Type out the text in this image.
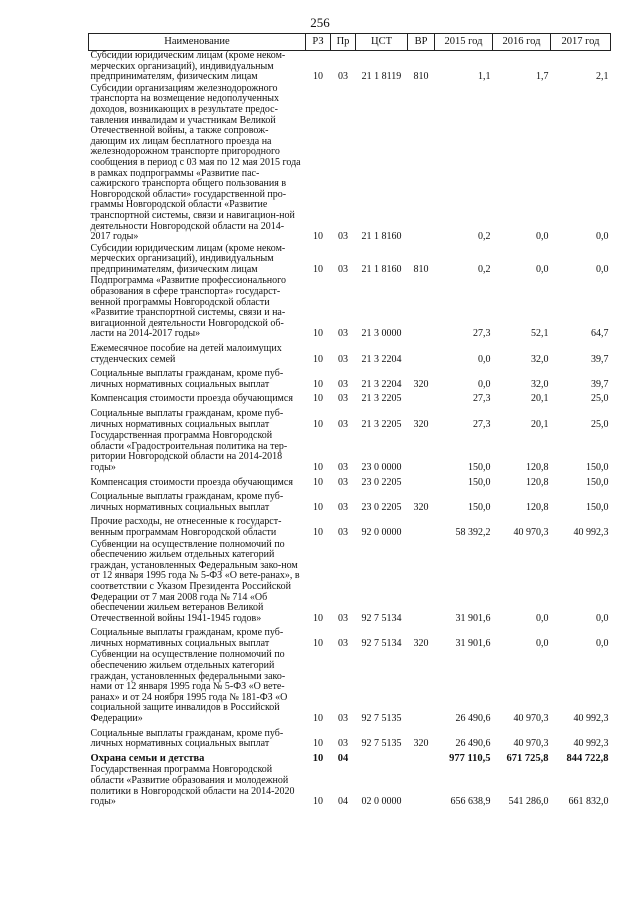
256
Наименование	РЗ	Пр	ЦСТ	ВР	2015 год	2016 год	2017 год
Субсидии юридическим лицам (кроме неком-мерческих организаций), индивидуальным предпринимателям, физическим лицам	10	03	21 1 8119	810	1,1	1,7	2,1
Субсидии организациям железнодорожного транспорта на возмещение недополученных доходов, возникающих в результате предос-тавления инвалидам и участникам Великой Отечественной войны, а также сопровож-дающим их лицам бесплатного проезда на железнодорожном транспорте пригородного сообщения в период с 03 мая по 12 мая 2015 года в рамках подпрограммы «Развитие пас-сажирского транспорта общего пользования в Новгородской области» государственной про-граммы Новгородской области «Развитие транспортной системы, связи и навигацион-ной деятельности Новгородской области на 2014-2017 годы»	10	03	21 1 8160		0,2	0,0	0,0
Субсидии юридическим лицам (кроме неком-мерческих организаций), индивидуальным предпринимателям, физическим лицам	10	03	21 1 8160	810	0,2	0,0	0,0
Подпрограмма «Развитие профессионального образования в сфере транспорта» государст-венной программы Новгородской области «Развитие транспортной системы, связи и на-вигационной деятельности Новгородской об-ласти на 2014-2017 годы»	10	03	21 3 0000		27,3	52,1	64,7
Ежемесячное пособие на детей малоимущих студенческих семей	10	03	21 3 2204		0,0	32,0	39,7
Социальные выплаты гражданам, кроме пуб-личных нормативных социальных выплат	10	03	21 3 2204	320	0,0	32,0	39,7
Компенсация стоимости проезда обучающимся	10	03	21 3 2205		27,3	20,1	25,0
Социальные выплаты гражданам, кроме пуб-личных нормативных социальных выплат	10	03	21 3 2205	320	27,3	20,1	25,0
Государственная программа Новгородской области «Градостроительная политика на тер-ритории Новгородской области на 2014-2018 годы»	10	03	23 0 0000		150,0	120,8	150,0
Компенсация стоимости проезда обучающимся	10	03	23 0 2205		150,0	120,8	150,0
Социальные выплаты гражданам, кроме пуб-личных нормативных социальных выплат	10	03	23 0 2205	320	150,0	120,8	150,0
Прочие расходы, не отнесенные к государст-венным программам Новгородской области	10	03	92 0 0000		58 392,2	40 970,3	40 992,3
Субвенции на осуществление полномочий по обеспечению жильем отдельных категорий граждан, установленных Федеральным зако-ном от 12 января 1995 года № 5-ФЗ «О вете-ранах», в соответствии с Указом Президента Российской Федерации от 7 мая 2008 года № 714 «Об обеспечении жильем ветеранов Великой Отечественной войны 1941-1945 годов»	10	03	92 7 5134		31 901,6	0,0	0,0
Социальные выплаты гражданам, кроме пуб-личных нормативных социальных выплат	10	03	92 7 5134	320	31 901,6	0,0	0,0
Субвенции на осуществление полномочий по обеспечению жильем отдельных категорий граждан, установленных федеральными зако-нами от 12 января 1995 года № 5-ФЗ «О вете-ранах» и от 24 ноября 1995 года № 181-ФЗ «О социальной защите инвалидов в Российской Федерации»	10	03	92 7 5135		26 490,6	40 970,3	40 992,3
Социальные выплаты гражданам, кроме пуб-личных нормативных социальных выплат	10	03	92 7 5135	320	26 490,6	40 970,3	40 992,3
Охрана семьи и детства	10	04			977 110,5	671 725,8	844 722,8
Государственная программа Новгородской области «Развитие образования и молодежной политики в Новгородской области на 2014-2020 годы»	10	04	02 0 0000		656 638,9	541 286,0	661 832,0
